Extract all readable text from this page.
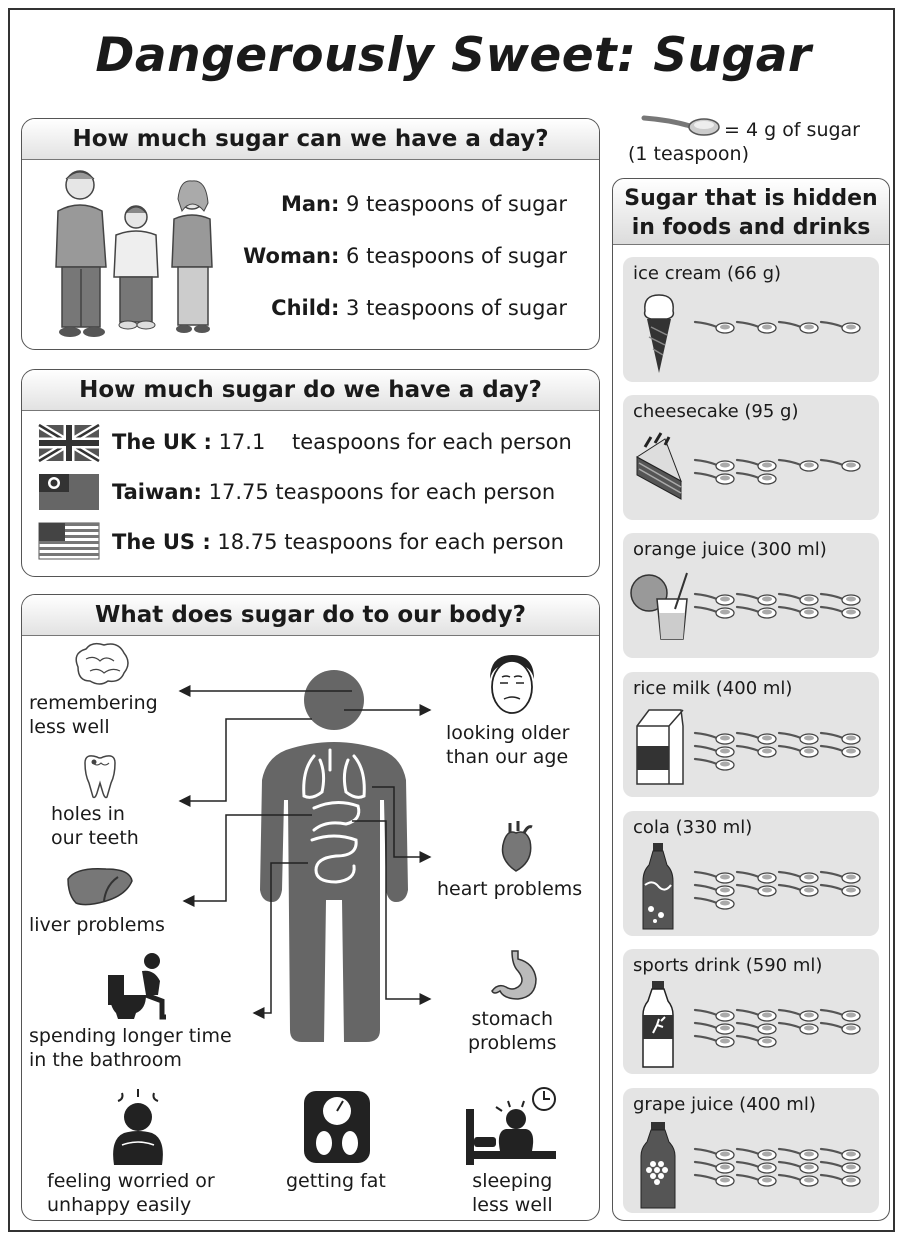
Dangerously Sweet: Sugar
= 4 g of sugar
(1 teaspoon)
How much sugar can we have a day?
Man: 9 teaspoons of sugar
Woman: 6 teaspoons of sugar
Child: 3 teaspoons of sugar
How much sugar do we have a day?
The UK : 17.1    teaspoons for each person
Taiwan: 17.75 teaspoons for each person
The US : 18.75 teaspoons for each person
What does sugar do to our body?
remembering
less well
holes in
our teeth
liver problems
spending longer time
in the bathroom
looking older
than our age
heart problems
stomach
problems
feeling worried or
unhappy easily
getting fat	sleeping
less well
Sugar that is hidden in foods and drinks
ice cream (66 g)
cheesecake (95 g)
orange juice (300 ml)
rice milk (400 ml)
cola (330 ml)
sports drink (590 ml)
grape juice (400 ml)
